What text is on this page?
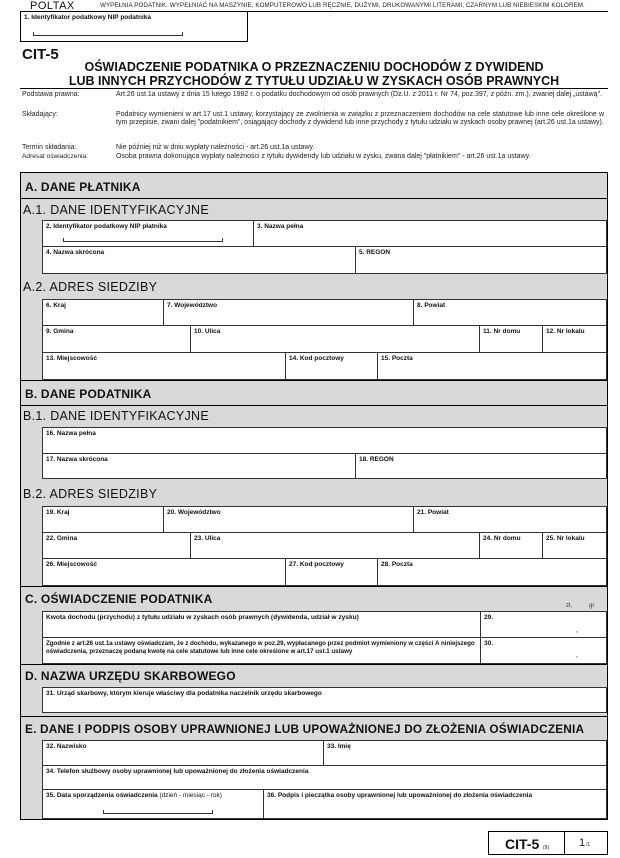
POLTAX	WYPEŁNIA PODATNIK. WYPEŁNIAĆ NA MASZYNIE, KOMPUTEROWO LUB RĘCZNIE, DUŻYMI, DRUKOWANYMI LITERAMI, CZARNYM LUB NIEBIESKIM KOLOREM.
1. Identyfikator podatkowy NIP podatnika
CIT-5
OŚWIADCZENIE PODATNIKA O PRZEZNACZENIU DOCHODÓW Z DYWIDEND
LUB INNYCH PRZYCHODÓW Z TYTUŁU UDZIAŁU W ZYSKACH OSÓB PRAWNYCH
Podstawa prawna:	Art.26 ust.1a ustawy z dnia 15 lutego 1992 r. o podatku dochodowym od osób prawnych (Dz.U. z 2011 r. Nr 74, poz.397, z późn. zm.), zwanej dalej „ustawą".
Składający:	Podatnicy wymienieni w art.17 ust.1 ustawy, korzystający ze zwolnienia w związku z przeznaczeniem dochodów na cele statutowe lub inne cele określone w tym przepisie, zwani dalej "podatnikiem", osiągający dochody z dywidend lub inne przychody z tytułu udziału w zyskach osoby prawnej (art.26 ust.1a ustawy).
Termin składania:	Nie później niż w dniu wypłaty należności - art.26 ust.1a ustawy.
Adresat oświadczenia:	Osoba prawna dokonująca wypłaty należności z tytułu dywidendy lub udziału w zysku, zwana dalej "płatnikiem" - art.26 ust.1a ustawy.
A. DANE PŁATNIKA
A.1. DANE IDENTYFIKACYJNE
2. Identyfikator podatkowy NIP płatnika	3. Nazwa pełna
4. Nazwa skrócona	5. REGON
A.2. ADRES SIEDZIBY
6. Kraj	7. Województwo	8. Powiat
9. Gmina	10. Ulica	11. Nr domu	12. Nr lokalu
13. Miejscowość	14. Kod pocztowy	15. Poczta
B. DANE PODATNIKA
B.1. DANE IDENTYFIKACYJNE
16. Nazwa pełna
17. Nazwa skrócona	18. REGON
B.2. ADRES SIEDZIBY
19. Kraj	20. Województwo	21. Powiat
22. Gmina	23. Ulica	24. Nr domu	25. Nr lokalu
26. Miejscowość	27. Kod pocztowy	28. Poczta
C. OŚWIADCZENIE PODATNIKA	zł,	gr
Kwota dochodu (przychodu) z tytułu udziału w zyskach osób prawnych (dywidenda, udział w zysku)	29.
,
Zgodnie z art.26 ust.1a ustawy oświadczam, że z dochodu, wykazanego w poz.29, wypłacanego przez podmiot wymieniony w części A niniejszego oświadczenia, przeznaczę podaną kwotę na cele statutowe lub inne cele określone w art.17 ust.1 ustawy
30.
,
D. NAZWA URZĘDU SKARBOWEGO
31. Urząd skarbowy, którym kieruje właściwy dla podatnika naczelnik urzędu skarbowego
E. DANE I PODPIS OSOBY UPRAWNIONEJ LUB UPOWAŻNIONEJ DO ZŁOŻENIA OŚWIADCZENIA
32. Nazwisko	33. Imię
34. Telefon służbowy osoby uprawnionej lub upoważnionej do złożenia oświadczenia
35. Data sporządzenia oświadczenia (dzień - miesiąc - rok)	36. Podpis i pieczątka osoby uprawnionej lub upoważnionej do złożenia oświadczenia
CIT-5 (9)	1 /1
